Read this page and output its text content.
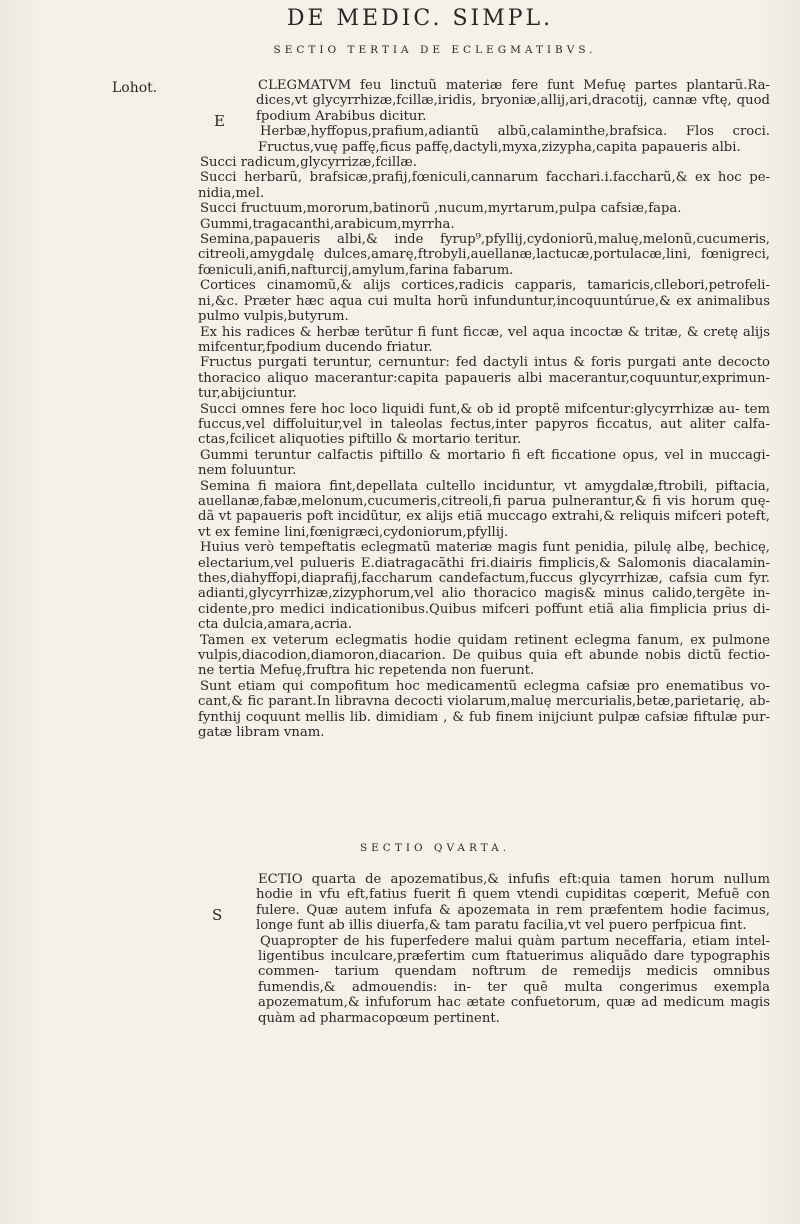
DE MEDIC. SIMPL.
SECTIO TERTIA DE ECLEGMATIBVS.
Lohot.
E

CLEGMATVM feu linctuũ materiæ fere funt Mefuę partes plantarũ.Ra- dices,vt glycyrrhizæ,fcillæ,iridis, bryoniæ,allij,ari,dracotij, cannæ vftę, quod fpodium Arabibus dicitur.

Herbæ,hyffopus,prafium,adiantũ albũ,calaminthe,brafsica. Flos croci. Fructus,vuę paffę,ficus paffę,dactyli,myxa,zizypha,capita papaueris albi.

Succi radicum,glycyrrizæ,fcillæ.

Succi herbarũ, brafsicæ,prafij,fœniculi,cannarum facchari.i.faccharũ,& ex hoc pe- nidia,mel.

Succi fructuum,mororum,batinorũ ,nucum,myrtarum,pulpa cafsiæ,fapa.

Gummi,tragacanthi,arabicum,myrrha.

Semina,papaueris albi,& inde fyrup⁹,pfyllij,cydoniorũ,maluę,melonũ,cucumeris, citreoli,amygdalę dulces,amarę,ftrobyli,auellanæ,lactucæ,portulacæ,lini, fœnigreci, fœniculi,anifi,nafturcij,amylum,farina fabarum.

Cortices cinamomũ,& alijs cortices,radicis capparis, tamaricis,cllebori,petrofeli- ni,&c. Præter hæc aqua cui multa horũ infunduntur,incoquuntúrue,& ex animalibus pulmo vulpis,butyrum.

Ex his radices & herbæ terũtur fi funt ficcæ, vel aqua incoctæ & tritæ, & cretę alijs mifcentur,fpodium ducendo friatur.

Fructus purgati teruntur, cernuntur: fed dactyli intus & foris purgati ante decocto thoracico aliquo macerantur:capita papaueris albi macerantur,coquuntur,exprimun- tur,abijciuntur.

Succi omnes fere hoc loco liquidi funt,& ob id proptẽ mifcentur:glycyrrhizæ au- tem fuccus,vel diffoluitur,vel in taleolas fectus,inter papyros ficcatus, aut aliter calfa- ctas,fcilicet aliquoties piftillo & mortario teritur.

Gummi teruntur calfactis piftillo & mortario fi eft ficcatione opus, vel in muccagi- nem foluuntur.

Semina fi maiora fint,depellata cultello inciduntur, vt amygdalæ,ftrobili, piftacia, auellanæ,fabæ,melonum,cucumeris,citreoli,fi parua pulnerantur,& fi vis horum quę- dã vt papaueris poft incidũtur, ex alijs etiã muccago extrahi,& reliquis mifceri poteft, vt ex femine lini,fœnigræci,cydoniorum,pfyllij.

Huius verò tempeftatis eclegmatũ materiæ magis funt penidia, pilulę albę, bechicę, electarium,vel pulueris E.diatragacãthi fri.diairis fimplicis,& Salomonis diacalamin- thes,diahyffopi,diaprafij,faccharum candefactum,fuccus glycyrrhizæ, cafsia cum fyr. adianti,glycyrrhizæ,zizyphorum,vel alio thoracico magis& minus calido,tergẽte in- cidente,pro medici indicationibus.Quibus mifceri poffunt etiã alia fimplicia prius di- cta dulcia,amara,acria.

Tamen ex veterum eclegmatis hodie quidam retinent eclegma fanum, ex pulmone vulpis,diacodion,diamoron,diacarion. De quibus quia eft abunde nobis dictũ fectio- ne tertia Mefuę,fruftra hic repetenda non fuerunt.

Sunt etiam qui compofitum hoc medicamentũ eclegma cafsiæ pro enematibus vo- cant,& fic parant.In libravna decocti violarum,maluę mercurialis,betæ,parietarię, ab- fynthij coquunt mellis lib. dimidiam , & fub finem inijciunt pulpæ cafsiæ fiftulæ pur- gatæ libram vnam.

SECTIO QVARTA.
S

ECTIO quarta de apozematibus,& infufis eft:quia tamen horum nullum hodie in vfu eft,fatius fuerit fi quem vtendi cupiditas cœperit, Mefuẽ con fulere. Quæ autem infufa & apozemata in rem præfentem hodie facimus, longe funt ab illis diuerfa,& tam paratu facilia,vt vel puero perfpicua fint.

Quapropter de his fuperfedere malui quàm partum neceffaria, etiam intel- ligentibus inculcare,præfertim cum ftatuerimus aliquãdo dare typographis commen- tarium quendam noftrum de remedijs medicis omnibus fumendis,& admouendis: in- ter quẽ multa congerimus exempla apozematum,& infuforum hac ætate confuetorum, quæ ad medicum magis quàm ad pharmacopœum pertinent.
